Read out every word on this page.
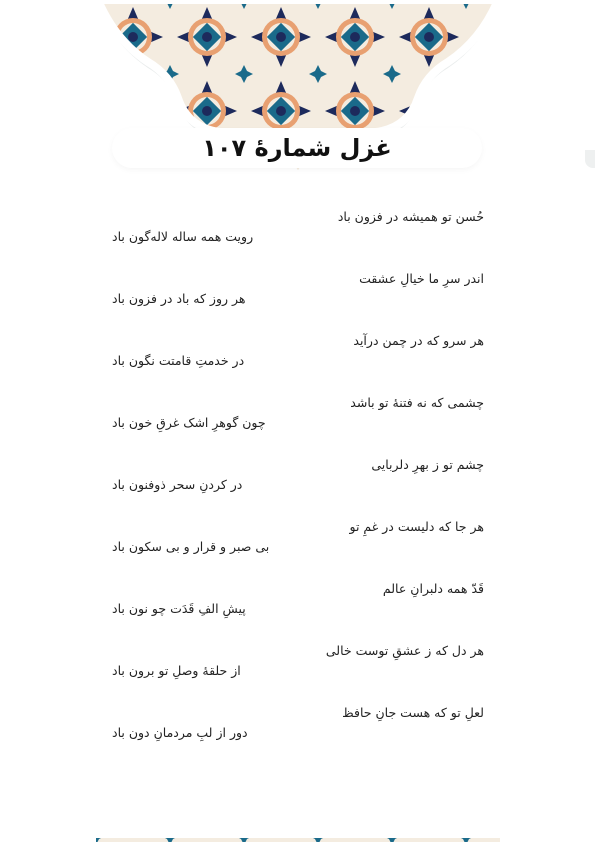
غزل شمارهٔ ۱۰۷
حُسن تو همیشه در فزون باد
رویت همه ساله لاله‌گون باد
اندر سرِ ما خیالِ عشقت
هر روز که باد در فزون باد
هر سرو که در چمن درآید
در خدمتِ قامتت نگون باد
چشمی که نه فتنهٔ تو باشد
چون گوهرِ اشک غرقِ خون باد
چشم تو ز بهرِ دلربایی
در کردنِ سحر ذوفنون باد
هر جا که دلیست در غمِ تو
بی صبر و قرار و بی سکون باد
قَدّ همه دلبرانِ عالم
پیشِ الفِ قَدَت چو نون باد
هر دل که ز عشقِ توست خالی
از حلقهٔ وصلِ تو برون باد
لعلِ تو که هست جانِ حافظ
دور از لبِ مردمانِ دون باد
